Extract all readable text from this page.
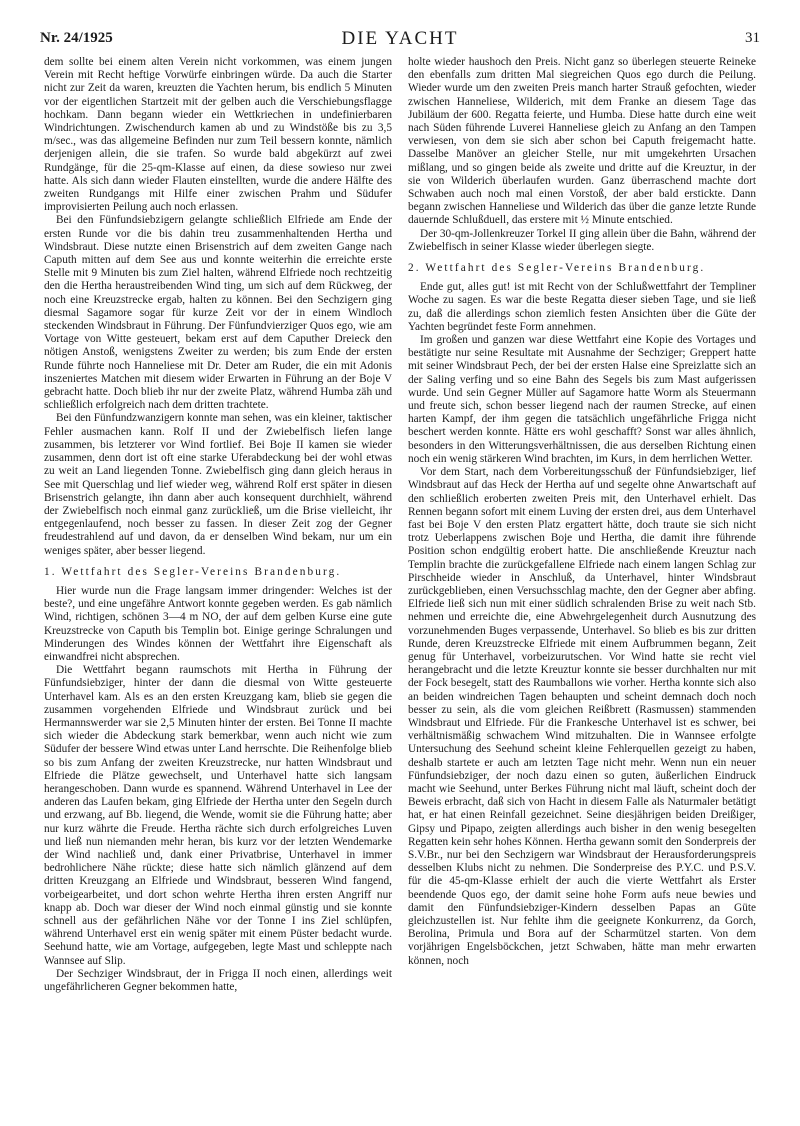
Nr. 24/1925	DIE YACHT	31

dem sollte bei einem alten Verein nicht vorkommen, was einem jungen Verein mit Recht heftige Vorwürfe einbringen würde. Da auch die Starter nicht zur Zeit da waren, kreuzten die Yachten herum, bis endlich 5 Minuten vor der eigentlichen Startzeit mit der gelben auch die Verschiebungsflagge hochkam. Dann begann wieder ein Wettkriechen in undefinierbaren Windrichtungen. Zwischendurch kamen ab und zu Windstöße bis zu 3,5 m/sec., was das allgemeine Befinden nur zum Teil bessern konnte, nämlich derjenigen allein, die sie trafen. So wurde bald abgekürzt auf zwei Rundgänge, für die 25-qm-Klasse auf einen, da diese sowieso nur zwei hatte. Als sich dann wieder Flauten einstellten, wurde die andere Hälfte des zweiten Rundgangs mit Hilfe einer zwischen Prahm und Südufer improvisierten Peilung auch noch erlassen.

Bei den Fünfundsiebzigern gelangte schließlich Elfriede am Ende der ersten Runde vor die bis dahin treu zusammenhaltenden Hertha und Windsbraut. Diese nutzte einen Brisenstrich auf dem zweiten Gange nach Caputh mitten auf dem See aus und konnte weiterhin die erreichte erste Stelle mit 9 Minuten bis zum Ziel halten, während Elfriede noch rechtzeitig den die Hertha heraustreibenden Wind ting, um sich auf dem Rückweg, der noch eine Kreuzstrecke ergab, halten zu können. Bei den Sechzigern ging diesmal Sagamore sogar für kurze Zeit vor der in einem Windloch steckenden Windsbraut in Führung. Der Fünfundvierziger Quos ego, wie am Vortage von Witte gesteuert, bekam erst auf dem Caputher Dreieck den nötigen Anstoß, wenigstens Zweiter zu werden; bis zum Ende der ersten Runde führte noch Hanneliese mit Dr. Deter am Ruder, die ein mit Adonis inszeniertes Matchen mit diesem wider Erwarten in Führung an der Boje V gebracht hatte. Doch blieb ihr nur der zweite Platz, während Humba zäh und schließlich erfolgreich nach dem dritten trachtete.

Bei den Fünfundzwanzigern konnte man sehen, was ein kleiner, taktischer Fehler ausmachen kann. Rolf II und der Zwiebelfisch liefen lange zusammen, bis letzterer vor Wind fortlief. Bei Boje II kamen sie wieder zusammen, denn dort ist oft eine starke Uferabdeckung bei der wohl etwas zu weit an Land liegenden Tonne. Zwiebelfisch ging dann gleich heraus in See mit Querschlag und lief wieder weg, während Rolf erst später in diesen Brisenstrich gelangte, ihn dann aber auch konsequent durchhielt, während der Zwiebelfisch noch einmal ganz zurückließ, um die Brise vielleicht, ihr entgegenlaufend, noch besser zu fassen. In dieser Zeit zog der Gegner freudestrahlend auf und davon, da er denselben Wind bekam, nur um ein weniges später, aber besser liegend.

1. Wettfahrt des Segler-Vereins Brandenburg.

Hier wurde nun die Frage langsam immer dringender: Welches ist der beste?, und eine ungefähre Antwort konnte gegeben werden. Es gab nämlich Wind, richtigen, schönen 3—4 m NO, der auf dem gelben Kurse eine gute Kreuzstrecke von Caputh bis Templin bot. Einige geringe Schralungen und Minderungen des Windes können der Wettfahrt ihre Eigenschaft als einwandfrei nicht absprechen.

Die Wettfahrt begann raumschots mit Hertha in Führung der Fünfundsiebziger, hinter der dann die diesmal von Witte gesteuerte Unterhavel kam. Als es an den ersten Kreuzgang kam, blieb sie gegen die zusammen vorgehenden Elfriede und Windsbraut zurück und bei Hermannswerder war sie 2,5 Minuten hinter der ersten. Bei Tonne II machte sich wieder die Abdeckung stark bemerkbar, wenn auch nicht wie zum Südufer der bessere Wind etwas unter Land herrschte. Die Reihenfolge blieb so bis zum Anfang der zweiten Kreuzstrecke, nur hatten Windsbraut und Elfriede die Plätze gewechselt, und Unterhavel hatte sich langsam herangeschoben. Dann wurde es spannend. Während Unterhavel in Lee der anderen das Laufen bekam, ging Elfriede der Hertha unter den Segeln durch und erzwang, auf Bb. liegend, die Wende, womit sie die Führung hatte; aber nur kurz währte die Freude. Hertha rächte sich durch erfolgreiches Luven und ließ nun niemanden mehr heran, bis kurz vor der letzten Wendemarke der Wind nachließ und, dank einer Privatbrise, Unterhavel in immer bedrohlichere Nähe rückte; diese hatte sich nämlich glänzend auf dem dritten Kreuzgang an Elfriede und Windsbraut, besseren Wind fangend, vorbeigearbeitet, und dort schon wehrte Hertha ihren ersten Angriff nur knapp ab. Doch war dieser der Wind noch einmal günstig und sie konnte schnell aus der gefährlichen Nähe vor der Tonne I ins Ziel schlüpfen, während Unterhavel erst ein wenig später mit einem Püster bedacht wurde. Seehund hatte, wie am Vortage, aufgegeben, legte Mast und schleppte nach Wannsee auf Slip.

Der Sechziger Windsbraut, der in Frigga II noch einen, allerdings weit ungefährlicheren Gegner bekommen hatte,

holte wieder haushoch den Preis. Nicht ganz so überlegen steuerte Reineke den ebenfalls zum dritten Mal siegreichen Quos ego durch die Peilung. Wieder wurde um den zweiten Preis manch harter Strauß gefochten, wieder zwischen Hanneliese, Wilderich, mit dem Franke an diesem Tage das Jubiläum der 600. Regatta feierte, und Humba. Diese hatte durch eine weit nach Süden führende Luverei Hanneliese gleich zu Anfang an den Tampen verwiesen, von dem sie sich aber schon bei Caputh freigemacht hatte. Dasselbe Manöver an gleicher Stelle, nur mit umgekehrten Ursachen mißlang, und so gingen beide als zweite und dritte auf die Kreuztur, in der sie von Wilderich überlaufen wurden. Ganz überraschend machte dort Schwaben auch noch mal einen Vorstoß, der aber bald erstickte. Dann begann zwischen Hanneliese und Wilderich das über die ganze letzte Runde dauernde Schlußduell, das erstere mit ½ Minute entschied.

Der 30-qm-Jollenkreuzer Torkel II ging allein über die Bahn, während der Zwiebelfisch in seiner Klasse wieder überlegen siegte.

2. Wettfahrt des Segler-Vereins Brandenburg.

Ende gut, alles gut! ist mit Recht von der Schlußwettfahrt der Templiner Woche zu sagen. Es war die beste Regatta dieser sieben Tage, und sie ließ zu, daß die allerdings schon ziemlich festen Ansichten über die Güte der Yachten begründet feste Form annehmen.

Im großen und ganzen war diese Wettfahrt eine Kopie des Vortages und bestätigte nur seine Resultate mit Ausnahme der Sechziger; Greppert hatte mit seiner Windsbraut Pech, der bei der ersten Halse eine Spreizlatte sich an der Saling verfing und so eine Bahn des Segels bis zum Mast aufgerissen wurde. Und sein Gegner Müller auf Sagamore hatte Worm als Steuermann und freute sich, schon besser liegend nach der raumen Strecke, auf einen harten Kampf, der ihm gegen die tatsächlich ungefährliche Frigga nicht beschert werden konnte. Hätte ers wohl geschafft? Sonst war alles ähnlich, besonders in den Witterungsverhältnissen, die aus derselben Richtung einen noch ein wenig stärkeren Wind brachten, im Kurs, in dem herrlichen Wetter.

Vor dem Start, nach dem Vorbereitungsschuß der Fünfundsiebziger, lief Windsbraut auf das Heck der Hertha auf und segelte ohne Anwartschaft auf den schließlich eroberten zweiten Preis mit, den Unterhavel erhielt. Das Rennen begann sofort mit einem Luving der ersten drei, aus dem Unterhavel fast bei Boje V den ersten Platz ergattert hätte, doch traute sie sich nicht trotz Ueberlappens zwischen Boje und Hertha, die damit ihre führende Position schon endgültig erobert hatte. Die anschließende Kreuztur nach Templin brachte die zurückgefallene Elfriede nach einem langen Schlag zur Pirschheide wieder in Anschluß, da Unterhavel, hinter Windsbraut zurückgeblieben, einen Versuchsschlag machte, den der Gegner aber abfing. Elfriede ließ sich nun mit einer südlich schralenden Brise zu weit nach Stb. nehmen und erreichte die, eine Abwehrgelegenheit durch Ausnutzung des vorzunehmenden Buges verpassende, Unterhavel. So blieb es bis zur dritten Runde, deren Kreuzstrecke Elfriede mit einem Aufbrummen begann, Zeit genug für Unterhavel, vorbeizurutschen. Vor Wind hatte sie recht viel herangebracht und die letzte Kreuztur konnte sie besser durchhalten nur mit der Fock besegelt, statt des Raumballons wie vorher. Hertha konnte sich also an beiden windreichen Tagen behaupten und scheint demnach doch noch besser zu sein, als die vom gleichen Reißbrett (Rasmussen) stammenden Windsbraut und Elfriede. Für die Frankesche Unterhavel ist es schwer, bei verhältnismäßig schwachem Wind mitzuhalten. Die in Wannsee erfolgte Untersuchung des Seehund scheint kleine Fehlerquellen gezeigt zu haben, deshalb startete er auch am letzten Tage nicht mehr. Wenn nun ein neuer Fünfundsiebziger, der noch dazu einen so guten, äußerlichen Eindruck macht wie Seehund, unter Berkes Führung nicht mal läuft, scheint doch der Beweis erbracht, daß sich von Hacht in diesem Falle als Naturmaler betätigt hat, er hat einen Reinfall gezeichnet. Seine diesjährigen beiden Dreißiger, Gipsy und Pipapo, zeigten allerdings auch bisher in den wenig besegelten Regatten kein sehr hohes Können. Hertha gewann somit den Sonderpreis der S.V.Br., nur bei den Sechzigern war Windsbraut der Herausforderungspreis desselben Klubs nicht zu nehmen. Die Sonderpreise des P.Y.C. und P.S.V. für die 45-qm-Klasse erhielt der auch die vierte Wettfahrt als Erster beendende Quos ego, der damit seine hohe Form aufs neue bewies und damit den Fünfundsiebziger-Kindern desselben Papas an Güte gleichzustellen ist. Nur fehlte ihm die geeignete Konkurrenz, da Gorch, Berolina, Primula und Bora auf der Scharmützel starten. Von dem vorjährigen Engelsböckchen, jetzt Schwaben, hätte man mehr erwarten können, noch
